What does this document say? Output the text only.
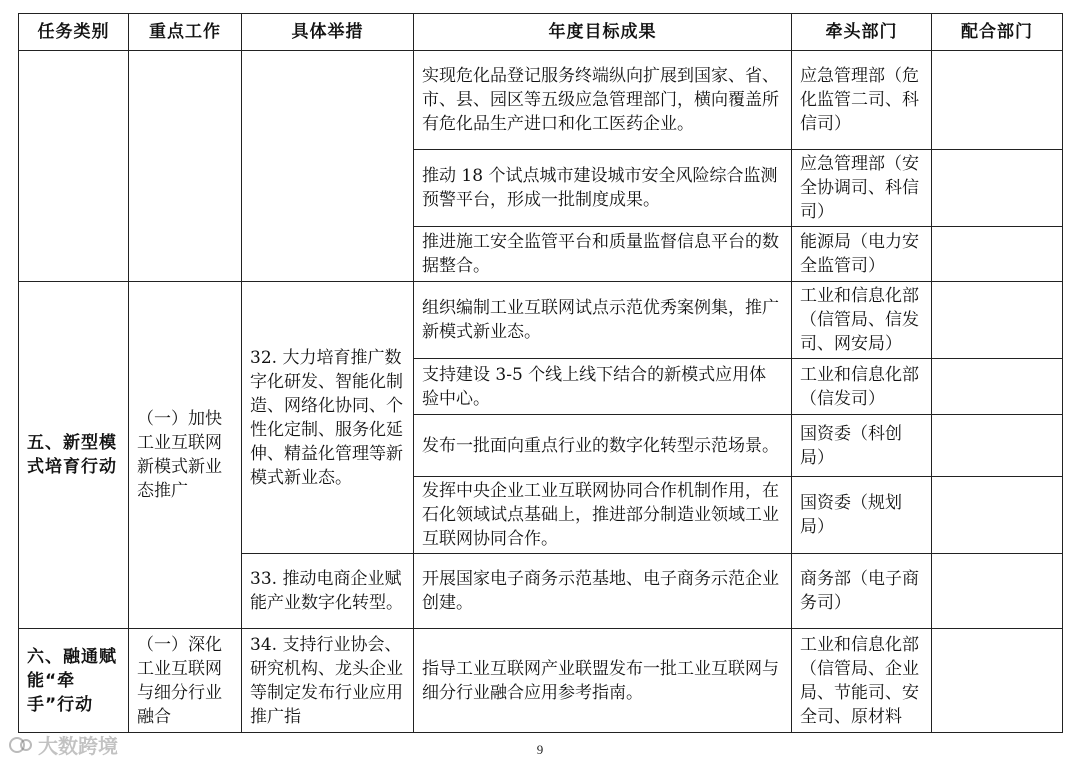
任务类别	重点工作	具体举措	年度目标成果	牵头部门	配合部门
			实现危化品登记服务终端纵向扩展到国家、省、市、县、园区等五级应急管理部门，横向覆盖所有危化品生产进口和化工医药企业。	应急管理部（危化监管二司、科信司）	
			推动 18 个试点城市建设城市安全风险综合监测预警平台，形成一批制度成果。	应急管理部（安全协调司、科信司）	
			推进施工安全监管平台和质量监督信息平台的数据整合。	能源局（电力安全监管司）	
五、新型模式培育行动	（一）加快工业互联网新模式新业态推广	32. 大力培育推广数字化研发、智能化制造、网络化协同、个性化定制、服务化延伸、精益化管理等新模式新业态。	组织编制工业互联网试点示范优秀案例集，推广新模式新业态。	工业和信息化部（信管局、信发司、网安局）	
			支持建设 3-5 个线上线下结合的新模式应用体验中心。	工业和信息化部（信发司）	
			发布一批面向重点行业的数字化转型示范场景。	国资委（科创局）	
			发挥中央企业工业互联网协同合作机制作用，在石化领域试点基础上，推进部分制造业领域工业互联网协同合作。	国资委（规划局）	
		33. 推动电商企业赋能产业数字化转型。	开展国家电子商务示范基地、电子商务示范企业创建。	商务部（电子商务司）	
六、融通赋能“牵手”行动	（一）深化工业互联网与细分行业融合	34. 支持行业协会、研究机构、龙头企业等制定发布行业应用推广指	指导工业互联网产业联盟发布一批工业互联网与细分行业融合应用参考指南。	工业和信息化部（信管局、企业局、节能司、安全司、原材料	
大数跨境	9
